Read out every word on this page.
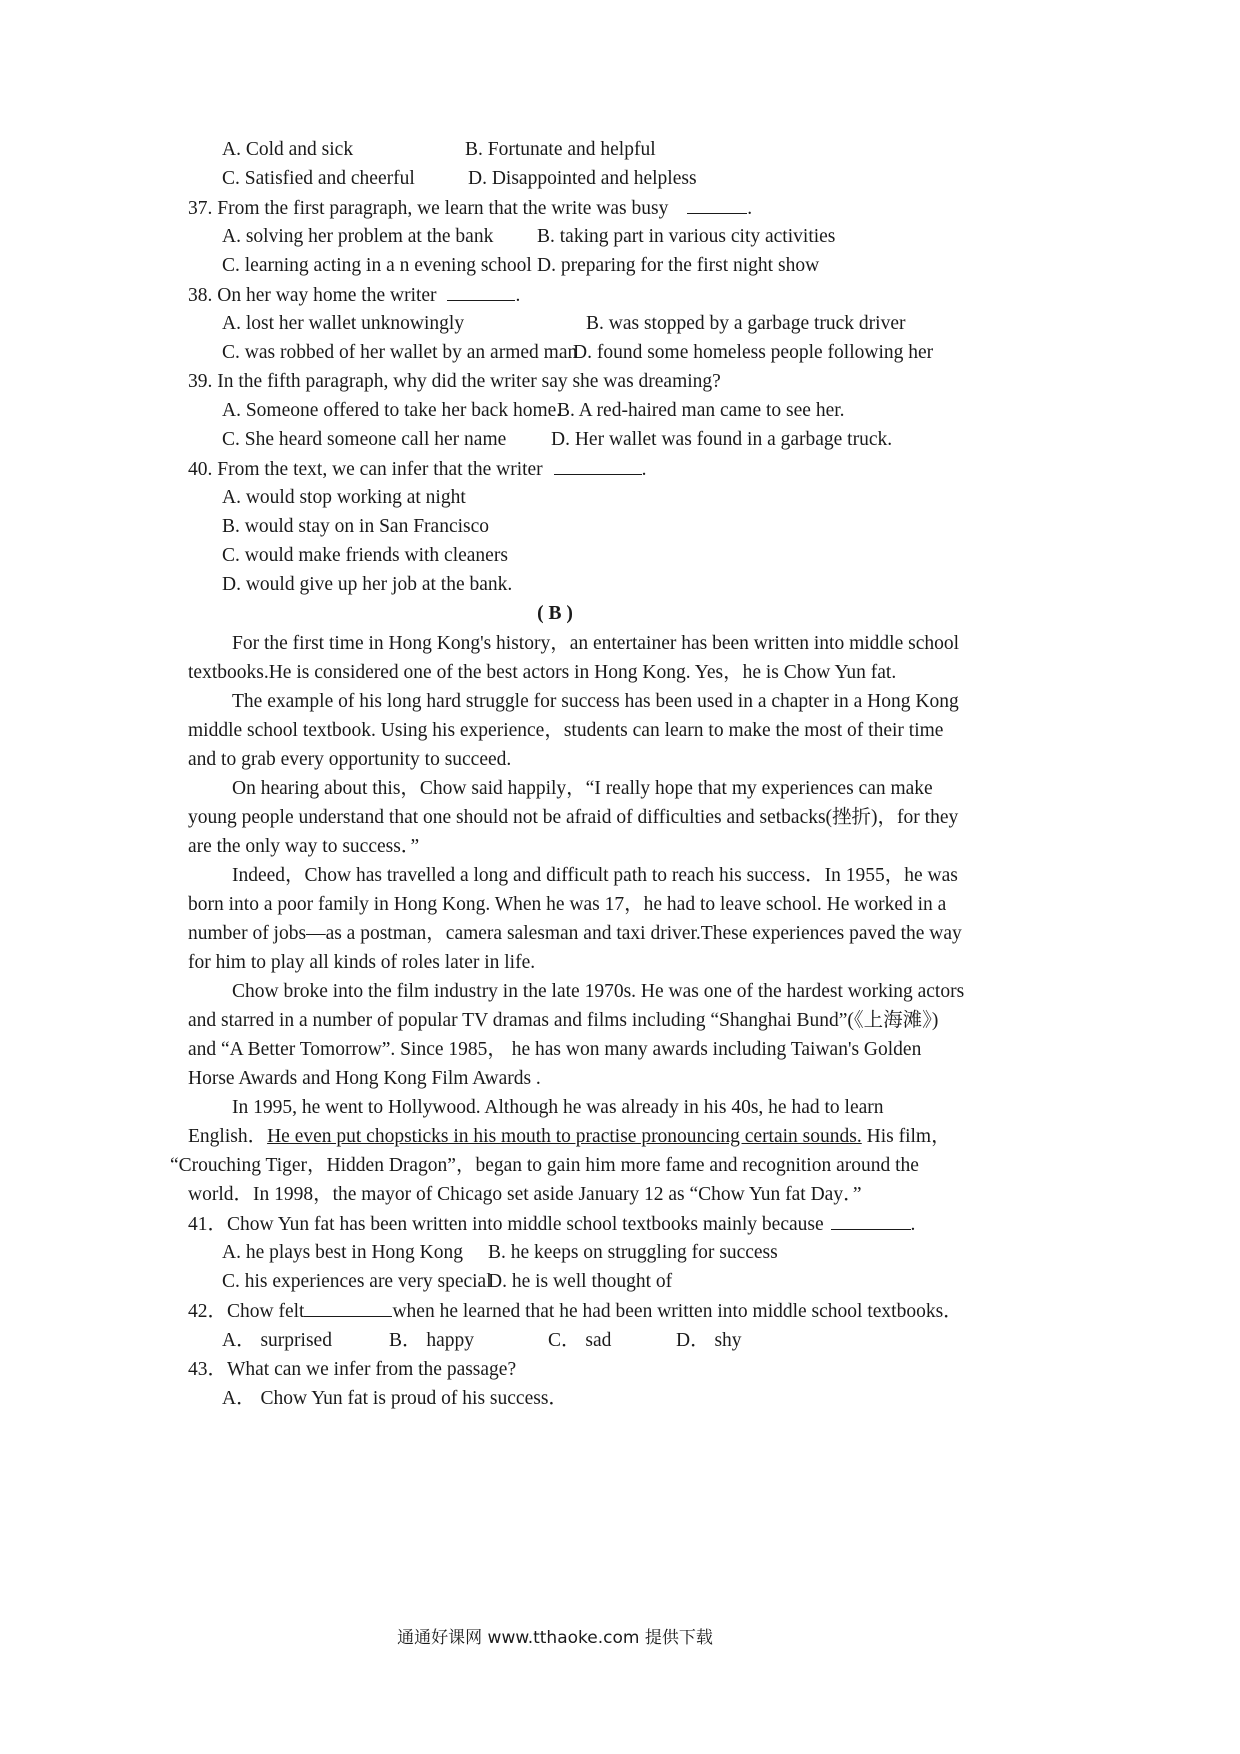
A. Cold and sick	B. Fortunate and helpful
C. Satisfied and cheerful	D. Disappointed and helpless
37. From the first paragraph, we learn that the write was busy	.
A. solving her problem at the bank B. taking part in various city activities
C. learning acting in a n evening school D. preparing for the first night show
38. On her way home the writer	.
A. lost her wallet unknowingly	B. was stopped by a garbage truck driver
C. was robbed of her wallet by an armed man
D. found some homeless people following her
39. In the fifth paragraph, why did the writer say she was dreaming?
A. Someone offered to take her back home.
B. A red-haired man came to see her.
C. She heard someone call her name D. Her wallet was found in a garbage truck.
40. From the text, we can infer that the writer	.
A. would stop working at night
B. would stay on in San Francisco
C. would make friends with cleaners
D. would give up her job at the bank.
( B )
For the first time in Hong Kong's history，an entertainer has been written into middle school
textbooks.He is considered one of the best actors in Hong Kong. Yes，he is Chow Yun fat.
The example of his long hard struggle for success has been used in a chapter in a Hong Kong
middle school textbook. Using his experience，students can learn to make the most of their time
and to grab every opportunity to succeed.
On hearing about this，Chow said happily，“I really hope that my experiences can make
young people understand that one should not be afraid of difficulties and setbacks(挫折)，for they
are the only way to success．”
Indeed，Chow has travelled a long and difficult path to reach his success．In 1955，he was
born into a poor family in Hong Kong. When he was 17，he had to leave school. He worked in a
number of jobs—as a postman，camera salesman and taxi driver.These experiences paved the way
for him to play all kinds of roles later in life.
Chow broke into the film industry in the late 1970s. He was one of the hardest working actors
and starred in a number of popular TV dramas and films including “Shanghai Bund”(《上海滩》)
and “A Better Tomorrow”. Since 1985， he has won many awards including Taiwan's Golden
Horse Awards and Hong Kong Film Awards .
In 1995, he went to Hollywood. Although he was already in his 40s, he had to learn
English．He even put chopsticks in his mouth to practise pronouncing certain sounds. His film，
“Crouching Tiger，Hidden Dragon”，began to gain him more fame and recognition around the
world．In 1998，the mayor of Chicago set aside January 12 as “Chow Yun fat Day．”
41．Chow Yun fat has been written into middle school textbooks mainly because	.
A. he plays best in Hong Kong B. he keeps on struggling for success
C. his experiences are very special
D. he is well thought of
42．Chow felt	when he learned that he had been written into middle school textbooks．
A． surprised	B． happy	C． sad	D． shy
43．What can we infer from the passage?
A． Chow Yun fat is proud of his success．
通通好课网 www.tthaoke.com 提供下载
